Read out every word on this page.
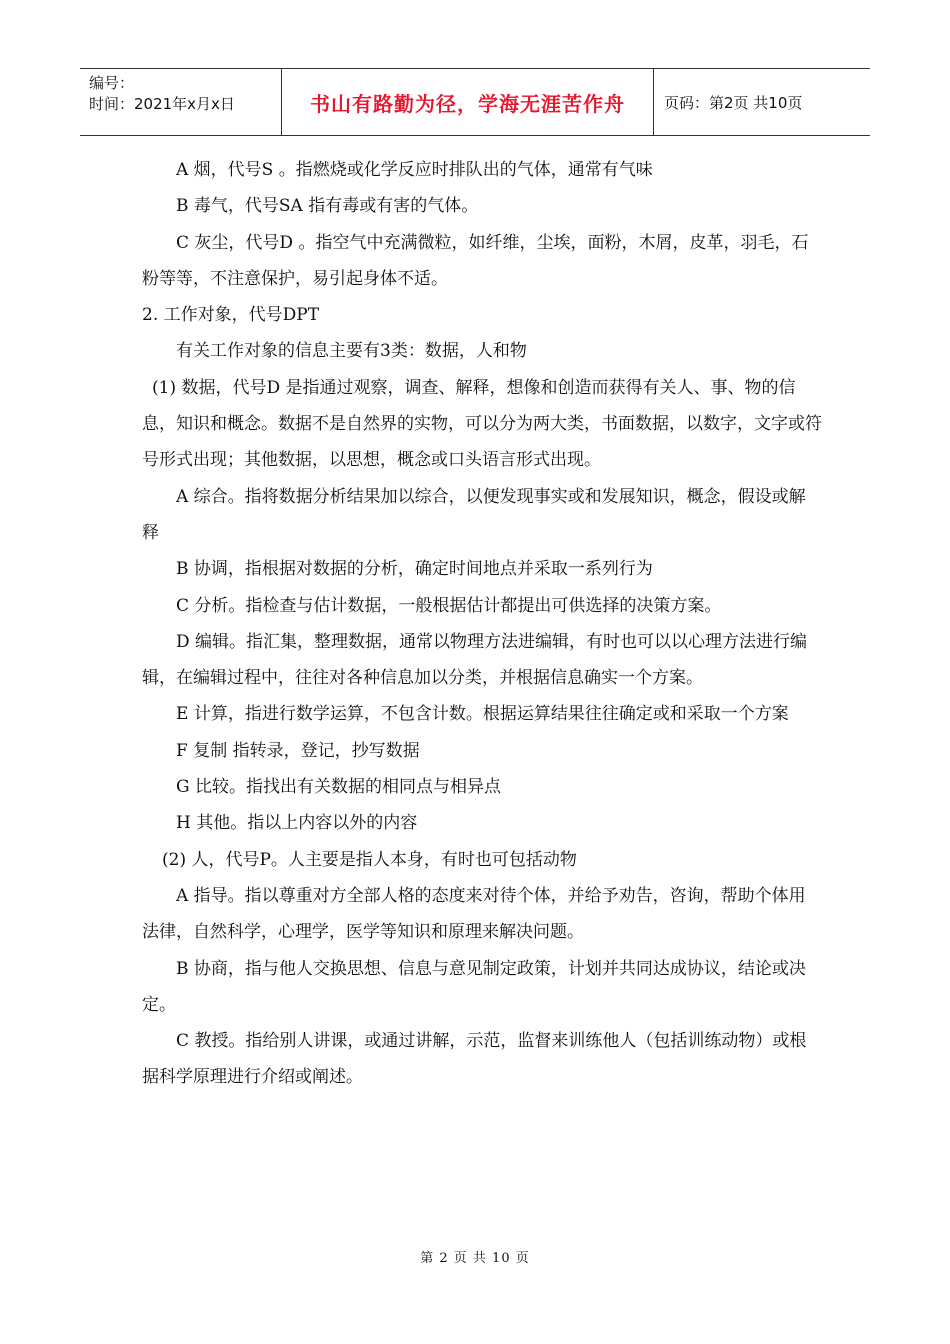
编号：
时间：2021年x月x日	书山有路勤为径，学海无涯苦作舟	页码：第2页 共10页

A 烟，代号S 。指燃烧或化学反应时排队出的气体，通常有气味

B 毒气，代号SA 指有毒或有害的气体。

C 灰尘，代号D 。指空气中充满微粒，如纤维，尘埃，面粉，木屑，皮革，羽毛，石粉等等，不注意保护，易引起身体不适。

2. 工作对象，代号DPT

有关工作对象的信息主要有3类：数据，人和物

(1) 数据，代号D 是指通过观察，调查、解释，想像和创造而获得有关人、事、物的信息，知识和概念。数据不是自然界的实物，可以分为两大类，书面数据，以数字，文字或符号形式出现；其他数据，以思想，概念或口头语言形式出现。

A 综合。指将数据分析结果加以综合，以便发现事实或和发展知识，概念，假设或解释

B 协调，指根据对数据的分析，确定时间地点并采取一系列行为

C 分析。指检查与估计数据，一般根据估计都提出可供选择的决策方案。

D 编辑。指汇集，整理数据，通常以物理方法进编辑，有时也可以以心理方法进行编辑，在编辑过程中，往往对各种信息加以分类，并根据信息确实一个方案。

E 计算，指进行数学运算，不包含计数。根据运算结果往往确定或和采取一个方案

F 复制 指转录，登记，抄写数据

G 比较。指找出有关数据的相同点与相异点

H 其他。指以上内容以外的内容

(2) 人，代号P。人主要是指人本身，有时也可包括动物

A 指导。指以尊重对方全部人格的态度来对待个体，并给予劝告，咨询，帮助个体用法律，自然科学，心理学，医学等知识和原理来解决问题。

B 协商，指与他人交换思想、信息与意见制定政策，计划并共同达成协议，结论或决定。

C 教授。指给别人讲课，或通过讲解，示范，监督来训练他人（包括训练动物）或根据科学原理进行介绍或阐述。

第 2 页 共 10 页
